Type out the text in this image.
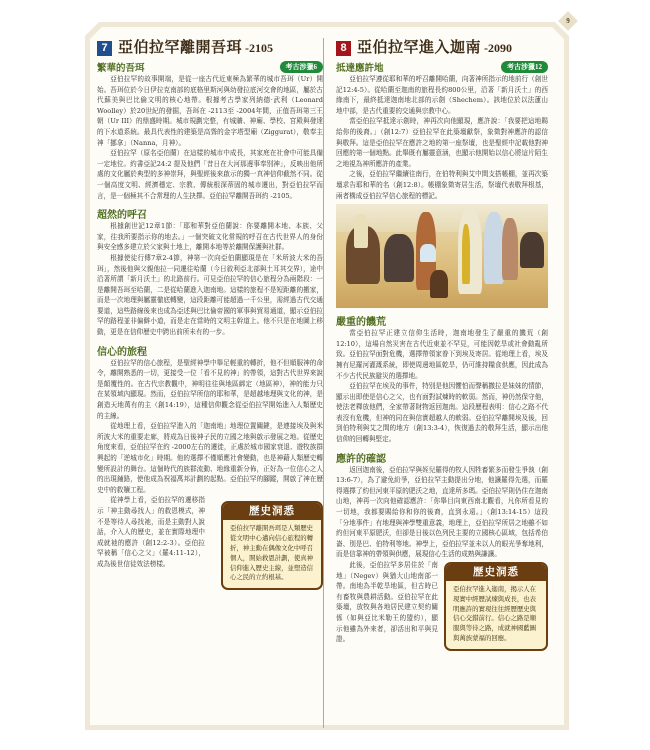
9
7 亞伯拉罕離開吾珥 -2105
繁華的吾珥	考古涉獵6

亞伯拉罕的故事開端，是從一座古代近東極為繁華的城市吾珥（Ur）開始。吾珥位於今日伊拉克南部的底格里斯河與幼發拉底河交會的地區，屬於古代蘇美與巴比倫文明的核心地帶。根據考古學家列納德·武利（Leonard Woolley）於20世紀的發掘，吾珥在 -2113至 -2004年間，正值吾珥第三王朝（Ur III）的鼎盛時期。城市規劃完整，有城牆、神廟、學校、宮殿與發達的下水道系統。最具代表性的建築是高聳的金字塔型廟（Ziggurat），敬奉主神「挪拿」（Nanna，月神）。

亞伯拉罕（原名亞伯蘭）在這樣的城市中成長，其家庭在社會中可能具備一定地位。約書亞記24:2 提及他們「昔日在大河那邊事奉別神」，反映出他所處的文化屬於典型的多神崇拜，與聖經後來啟示的獨一真神信仰截然不同。從一個高度文明、經濟穩定、宗教、傳統根深蒂固的城市遷出，對亞伯拉罕而言，是一個極其不合常理的人生抉擇。亞伯拉罕離開吾珥約 -2105。

超然的呼召

根據創世記12章1節：「耶和華對亞伯蘭說：你要離開本地、本族、父家，往我所要指示你的地去。」一個突破文化常規的呼召在古代世界人的身份與安全感多建立於父家與土地上，離開本地等於離開保護與社群。

根據使徒行傳7章2-4節，神第一次向亞伯蘭顯現是在「米所波大米的吾珥」，然後他與父親他拉一同遷往哈蘭（今日敘利亞北部與土耳其交界），途中沿著所謂「新月沃土」的北路前行。可見亞伯拉罕的信心旅程分為兩階段：一是離開吾珥至哈蘭，二是從哈蘭進入迦南地。這樣的旅程不是短距離的搬家，而是一次地理與屬靈徹底轉變，這段距離可能超過一千公里，需經過古代交通要道，這些路線後來也成為亞述與巴比倫帝國的軍事與貿易通道，顯示亞伯拉罕的路程並非偏僻小道，而是走在當時的文明主幹道上。他不只是在地圖上移動，更是在信仰歷史中跨出前所未有的一步。

信心的旅程

亞伯拉罕的信心旅程，是聖經神學中舉足輕重的轉折，他不但順服神的命令，離開熟悉的一切，更接受一位「看不見的神」的帶領，這對古代世界來說是顛覆性的。在古代宗教觀中，神明往往與地區綁定（地區神），神的能力只在某領域內顯現。然而，亞伯拉罕所信的耶和華，是超越地理與文化的神，是創造天地萬有的主（創14:19），這種信仰觀念從亞伯拉罕開始進入人類歷史的主線。

從地理上看，亞伯拉罕進入的「迦南地」地理位置關鍵，是連接埃及與米所波大米的重要走廊，將成為日後神子民的立國之地與啟示發展之地。從歷史角度來看，亞伯拉罕在約 -2000左右的遷徙，正處於城市國家衰退、遊牧族群興起的「逆城市化」時期。他的選擇不僅順應社會變動，也是神藉人類歷史轉變所設計的舞台。這個時代的族群流動、地緣重新分佈，正好為一位信心之人的出現鋪路，使他成為祝福萬邦計劃的起點。亞伯拉罕的腳蹤，開啟了神在歷史中的救贖工程。

從神學上看，亞伯拉罕的遷移指示「神主動尋找人」的救恩模式，神不是等待人尋找祂，而是主動對人說話，介入人的歷史，並在實際地理中成就祂的應許（創12:2-3）。亞伯拉罕被稱「信心之父」（羅4:11-12），成為後世信徒效法榜樣。

歷史洞悉
亞伯拉罕離開吾珥是人類歷史從文明中心邁向信心旅程的轉折，神主動在偶像文化中呼召個人，開始救恩計劃，使真神信仰進入歷史主線，並塑造信心之民的立約根基。
8 亞伯拉罕進入迦南 -2090
抵達應許地	考古涉獵12

亞伯拉罕遵從耶和華的呼召離開哈蘭，向著神所指示的地前行（創世記12:4-5）。從哈蘭至迦南的旅程長約800公里，沿著「新月沃土」的西緣南下，最終抵達迦南地北部的示劍（Shechem）。該地位於以法蓮山地中部，是古代重要的交通與宗教中心。

當亞伯拉罕抵達示劍時，神再次向他顯現，應許說：「我要把這地賜給你的後裔。」（創12:7）亞伯拉罕在此築壇獻祭，象徵對神應許的認信與敬拜。這是亞伯拉罕在應許之地的第一座祭壇，也是聖經中記載他對神回應的第一個地點。此舉既有屬靈意涵，也顯示他開始以信心將這片陌生之地視為神所應許的產業。

之後，亞伯拉罕繼續往南行，在伯特利與艾中間支搭帳棚，並再次築壇求告耶和華的名（創12:8）。帳棚象徵寄居生活，祭壇代表敬拜根基，兩者構成亞伯拉罕信心旅程的標記。

嚴重的饑荒

當亞伯拉罕正建立信仰生活時，迦南地發生了嚴重的饑荒（創12:10），這場自然災害在古代近東並不罕見，可能因乾旱或社會動亂所致。亞伯拉罕面對危機，選擇帶領家眷下到埃及寄居。從地理上看，埃及擁有尼羅河灌溉系統，即使周邊地區乾旱，仍可維持糧食供應，因此成為不少古代民族避災的選擇地。

亞伯拉罕在埃及的事件，特別是他因懼怕而聲稱撒拉是妹妹的情節，顯示出即使是信心之父，也有面對試煉時的軟弱。然而，神仍然保守他，使法老釋放他們，全家帶著財物返回迦南。這段歷程表明：信心之路不代表沒有危機，但神的同在與信實超越人的軟弱。亞伯拉罕離開埃及後，回到伯特利與艾之間的地方（創13:3-4），恢復過去的敬拜生活，顯示出他信仰的回轉與堅定。

應許的確認

返回迦南後，亞伯拉罕與姪兒羅得的牧人因牲畜繁多而發生爭執（創13:6-7），為了避免紛爭，亞伯拉罕主動提出分地，他讓羅得先選，而羅得選擇了約但河東平原的肥沃之地，直達所多瑪。亞伯拉罕則仍住在迦南山地，神再一次向他確認應許：「你舉目向東西南北觀看，凡你所看見的一切地，我都要賜給你和你的後裔，直到永遠。」（創13:14-15）這段「分地事件」有地理與神學雙重意義，地理上，亞伯拉罕所居之地雖不如約但河東平原肥沃，但卻是日後以色列民主要的立國核心區域，包括希伯崙、別是巴、伯特利等地。神學上，亞伯拉罕並未以人的眼光爭奪地利，而是信靠神的帶領與供應，展現信心生活的成熟與謙讓。

此後，亞伯拉罕多居住於「南地」（Negev）與猶大山地南部一帶。南地為半乾旱地區，但古時已有畜牧與農耕活動。亞伯拉罕在此築壇，放牧與各地居民建立契約關係（如與亞比米勒王的盟約），顯示他雖為外來者，卻活出和平與見證。

歷史洞悉
亞伯拉罕進入迦南，揭示人在現實中經歷試煉與成長，也表明應許的實現往往經歷歷史與信心交錯前行。信心之路是順服與等待之路，成就神國藍圖與萬族蒙福的回應。
